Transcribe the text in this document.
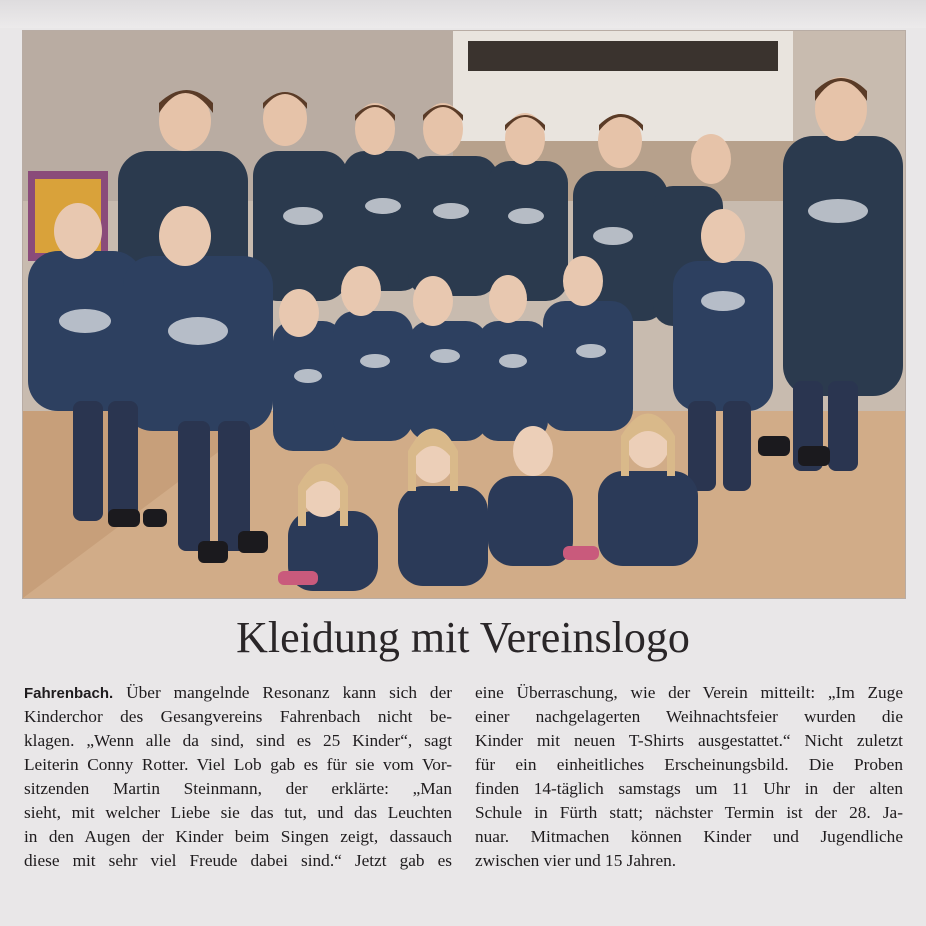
Kleidung mit Vereinslogo
Fahrenbach. Über mangelnde Resonanz kann sich der
Kinderchor des Gesangvereins Fahrenbach nicht be-
klagen. „Wenn alle da sind, sind es 25 Kinder“, sagt
Leiterin Conny Rotter. Viel Lob gab es für sie vom Vor-
sitzenden Martin Steinmann, der erklärte: „Man
sieht, mit welcher Liebe sie das tut, und das Leuchten
in den Augen der Kinder beim Singen zeigt, dassauch
diese mit sehr viel Freude dabei sind.“ Jetzt gab es
eine Überraschung, wie der Verein mitteilt: „Im Zuge
einer nachgelagerten Weihnachtsfeier wurden die
Kinder mit neuen T-Shirts ausgestattet.“ Nicht zuletzt
für ein einheitliches Erscheinungsbild. Die Proben
finden 14-täglich samstags um 11 Uhr in der alten
Schule in Fürth statt; nächster Termin ist der 28. Ja-
nuar. Mitmachen können Kinder und Jugendliche
zwischen vier und 15 Jahren.
